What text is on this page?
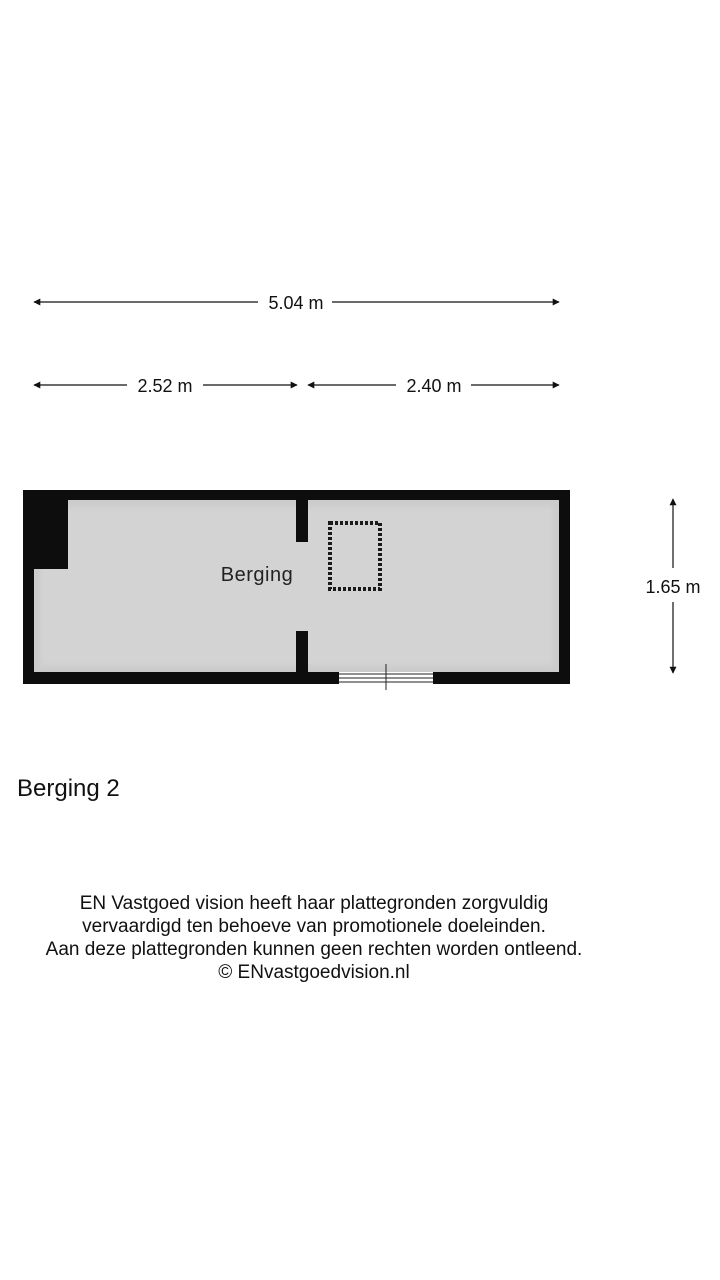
5.04 m
2.52 m	2.40 m
1.65 m
Berging
Berging 2
EN Vastgoed vision heeft haar plattegronden zorgvuldig
vervaardigd ten behoeve van promotionele doeleinden.
Aan deze plattegronden kunnen geen rechten worden ontleend.
© ENvastgoedvision.nl
